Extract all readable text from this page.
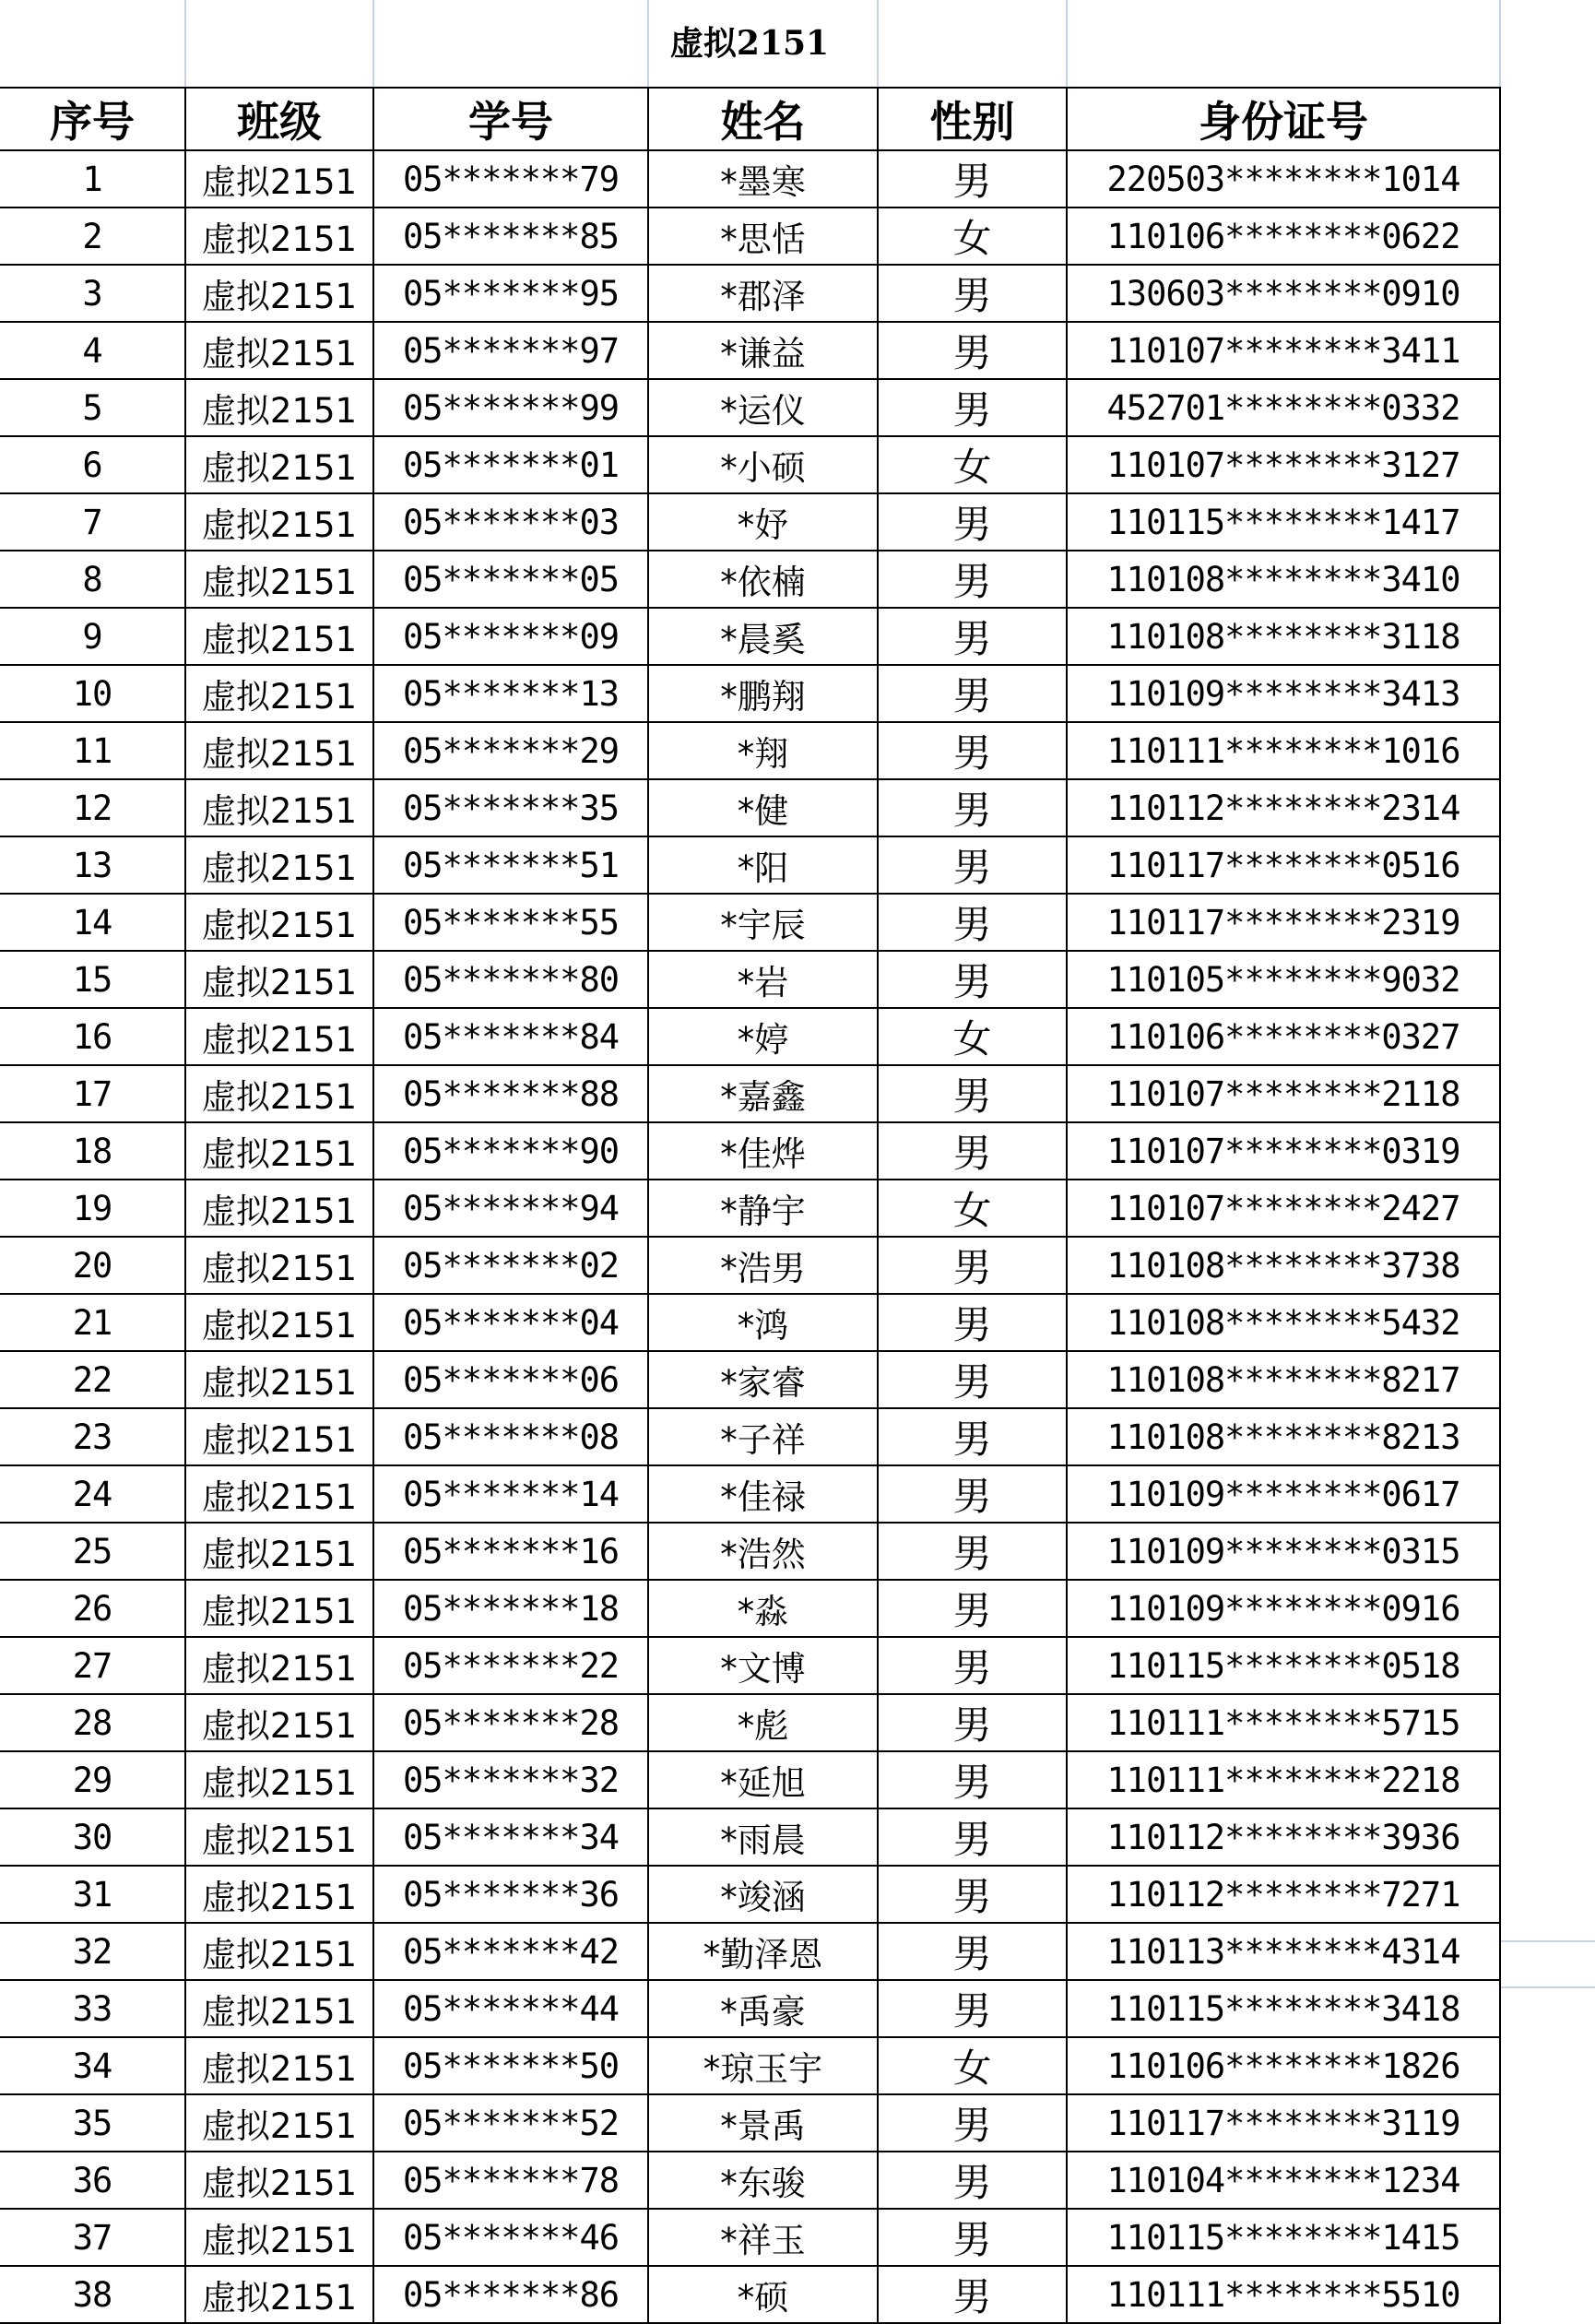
虚拟2151
序号	班级	学号	姓名	性别	身份证号
1	虚拟2151	05*******79	*墨寒	男	220503********1014
2	虚拟2151	05*******85	*思恬	女	110106********0622
3	虚拟2151	05*******95	*郡泽	男	130603********0910
4	虚拟2151	05*******97	*谦益	男	110107********3411
5	虚拟2151	05*******99	*运仪	男	452701********0332
6	虚拟2151	05*******01	*小硕	女	110107********3127
7	虚拟2151	05*******03	*妤	男	110115********1417
8	虚拟2151	05*******05	*依楠	男	110108********3410
9	虚拟2151	05*******09	*晨奚	男	110108********3118
10	虚拟2151	05*******13	*鹏翔	男	110109********3413
11	虚拟2151	05*******29	*翔	男	110111********1016
12	虚拟2151	05*******35	*健	男	110112********2314
13	虚拟2151	05*******51	*阳	男	110117********0516
14	虚拟2151	05*******55	*宇辰	男	110117********2319
15	虚拟2151	05*******80	*岩	男	110105********9032
16	虚拟2151	05*******84	*婷	女	110106********0327
17	虚拟2151	05*******88	*嘉鑫	男	110107********2118
18	虚拟2151	05*******90	*佳烨	男	110107********0319
19	虚拟2151	05*******94	*静宇	女	110107********2427
20	虚拟2151	05*******02	*浩男	男	110108********3738
21	虚拟2151	05*******04	*鸿	男	110108********5432
22	虚拟2151	05*******06	*家睿	男	110108********8217
23	虚拟2151	05*******08	*子祥	男	110108********8213
24	虚拟2151	05*******14	*佳禄	男	110109********0617
25	虚拟2151	05*******16	*浩然	男	110109********0315
26	虚拟2151	05*******18	*淼	男	110109********0916
27	虚拟2151	05*******22	*文博	男	110115********0518
28	虚拟2151	05*******28	*彪	男	110111********5715
29	虚拟2151	05*******32	*延旭	男	110111********2218
30	虚拟2151	05*******34	*雨晨	男	110112********3936
31	虚拟2151	05*******36	*竣涵	男	110112********7271
32	虚拟2151	05*******42	*勤泽恩	男	110113********4314
33	虚拟2151	05*******44	*禹豪	男	110115********3418
34	虚拟2151	05*******50	*琼玉宇	女	110106********1826
35	虚拟2151	05*******52	*景禹	男	110117********3119
36	虚拟2151	05*******78	*东骏	男	110104********1234
37	虚拟2151	05*******46	*祥玉	男	110115********1415
38	虚拟2151	05*******86	*硕	男	110111********5510
